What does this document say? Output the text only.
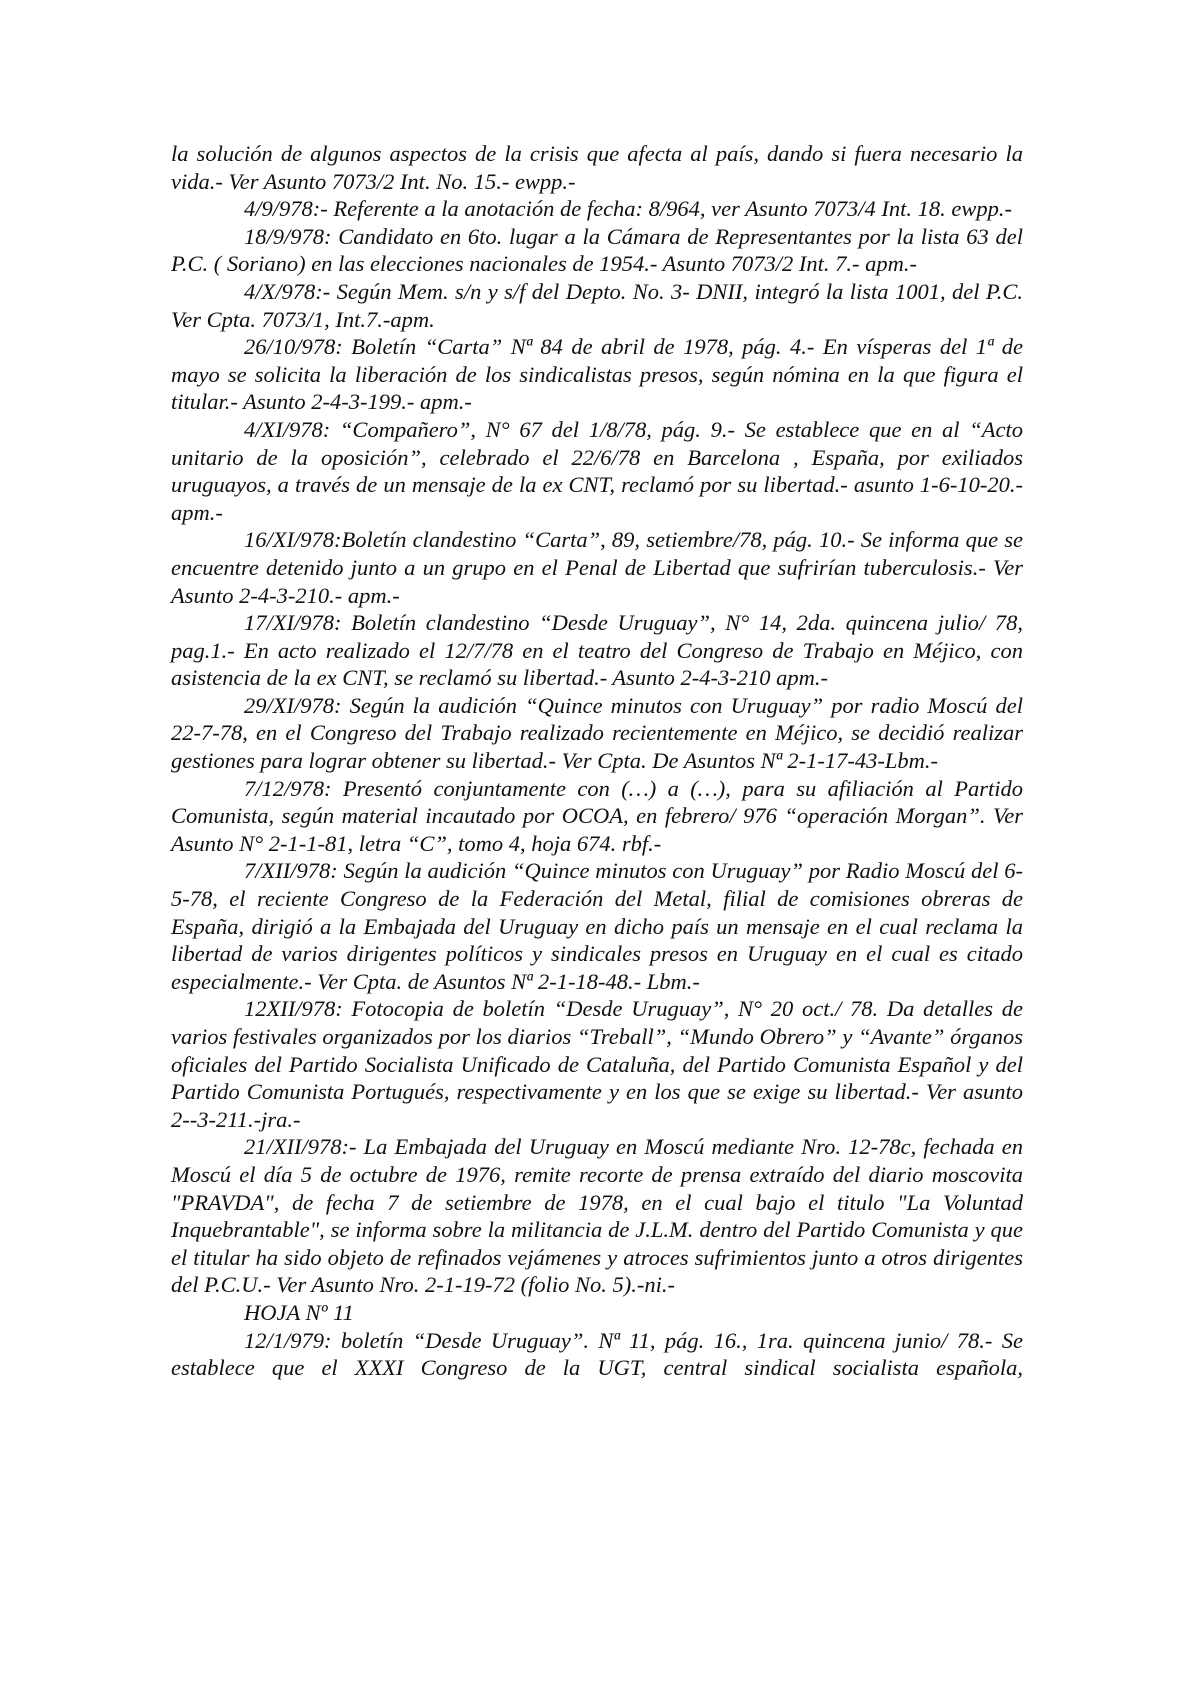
la solución de algunos aspectos de la crisis que afecta al país, dando si fuera necesario la vida.- Ver Asunto 7073/2 Int. No. 15.- ewpp.-

4/9/978:- Referente a la anotación de fecha: 8/964, ver Asunto 7073/4 Int. 18. ewpp.-

18/9/978: Candidato en 6to. lugar a la Cámara de Representantes por la lista 63 del P.C. ( Soriano) en las elecciones nacionales de 1954.- Asunto 7073/2 Int. 7.- apm.-

4/X/978:- Según Mem. s/n y s/f del Depto. No. 3- DNII, integró la lista 1001, del P.C. Ver Cpta. 7073/1, Int.7.-apm.

26/10/978: Boletín “Carta” Nª 84 de abril de 1978, pág. 4.- En vísperas del 1ª de mayo se solicita la liberación de los sindicalistas presos, según nómina en la que figura el titular.- Asunto 2-4-3-199.- apm.-

4/XI/978: “Compañero”, N° 67 del 1/8/78, pág. 9.- Se establece que en al “Acto unitario de la oposición”, celebrado el 22/6/78 en Barcelona , España, por exiliados uruguayos, a través de un mensaje de la ex CNT, reclamó por su libertad.- asunto 1-6-10-20.- apm.-

16/XI/978:Boletín clandestino “Carta”, 89, setiembre/78, pág. 10.- Se informa que se encuentre detenido junto a un grupo en el Penal de Libertad que sufrirían tuberculosis.- Ver Asunto 2-4-3-210.- apm.-

17/XI/978: Boletín clandestino “Desde Uruguay”, N° 14, 2da. quincena julio/ 78, pag.1.- En acto realizado el 12/7/78 en el teatro del Congreso de Trabajo en Méjico, con asistencia de la ex CNT, se reclamó su libertad.- Asunto 2-4-3-210 apm.-

29/XI/978: Según la audición “Quince minutos con Uruguay” por radio Moscú del 22-7-78, en el Congreso del Trabajo realizado recientemente en Méjico, se decidió realizar gestiones para lograr obtener su libertad.- Ver Cpta. De Asuntos Nª 2-1-17-43-Lbm.-

7/12/978: Presentó conjuntamente con (…) a (…), para su afiliación al Partido Comunista, según material incautado por OCOA, en febrero/ 976 “operación Morgan”. Ver Asunto N° 2-1-1-81, letra “C”, tomo 4, hoja 674. rbf.-

7/XII/978: Según la audición “Quince minutos con Uruguay” por Radio Moscú del 6-5-78, el reciente Congreso de la Federación del Metal, filial de comisiones obreras de España, dirigió a la Embajada del Uruguay en dicho país un mensaje en el cual reclama la libertad de varios dirigentes políticos y sindicales presos en Uruguay en el cual es citado especialmente.- Ver Cpta. de Asuntos Nª 2-1-18-48.- Lbm.-

12XII/978: Fotocopia de boletín “Desde Uruguay”, N° 20 oct./ 78. Da detalles de varios festivales organizados por los diarios “Treball”, “Mundo Obrero” y “Avante” órganos oficiales del Partido Socialista Unificado de Cataluña, del Partido Comunista Español y del Partido Comunista Portugués, respectivamente y en los que se exige su libertad.- Ver asunto 2--3-211.-jra.-

21/XII/978:- La Embajada del Uruguay en Moscú mediante Nro. 12-78c, fechada en Moscú el día 5 de octubre de 1976, remite recorte de prensa extraído del diario moscovita "PRAVDA", de fecha 7 de setiembre de 1978, en el cual bajo el titulo "La Voluntad Inquebrantable", se informa sobre la militancia de J.L.M. dentro del Partido Comunista y que el titular ha sido objeto de refinados vejámenes y atroces sufrimientos junto a otros dirigentes del P.C.U.- Ver Asunto Nro. 2-1-19-72 (folio No. 5).-ni.-

HOJA Nº 11

12/1/979: boletín “Desde Uruguay”. Nª 11, pág. 16., 1ra. quincena junio/ 78.- Se establece que el XXXI Congreso de la UGT, central sindical socialista española,
